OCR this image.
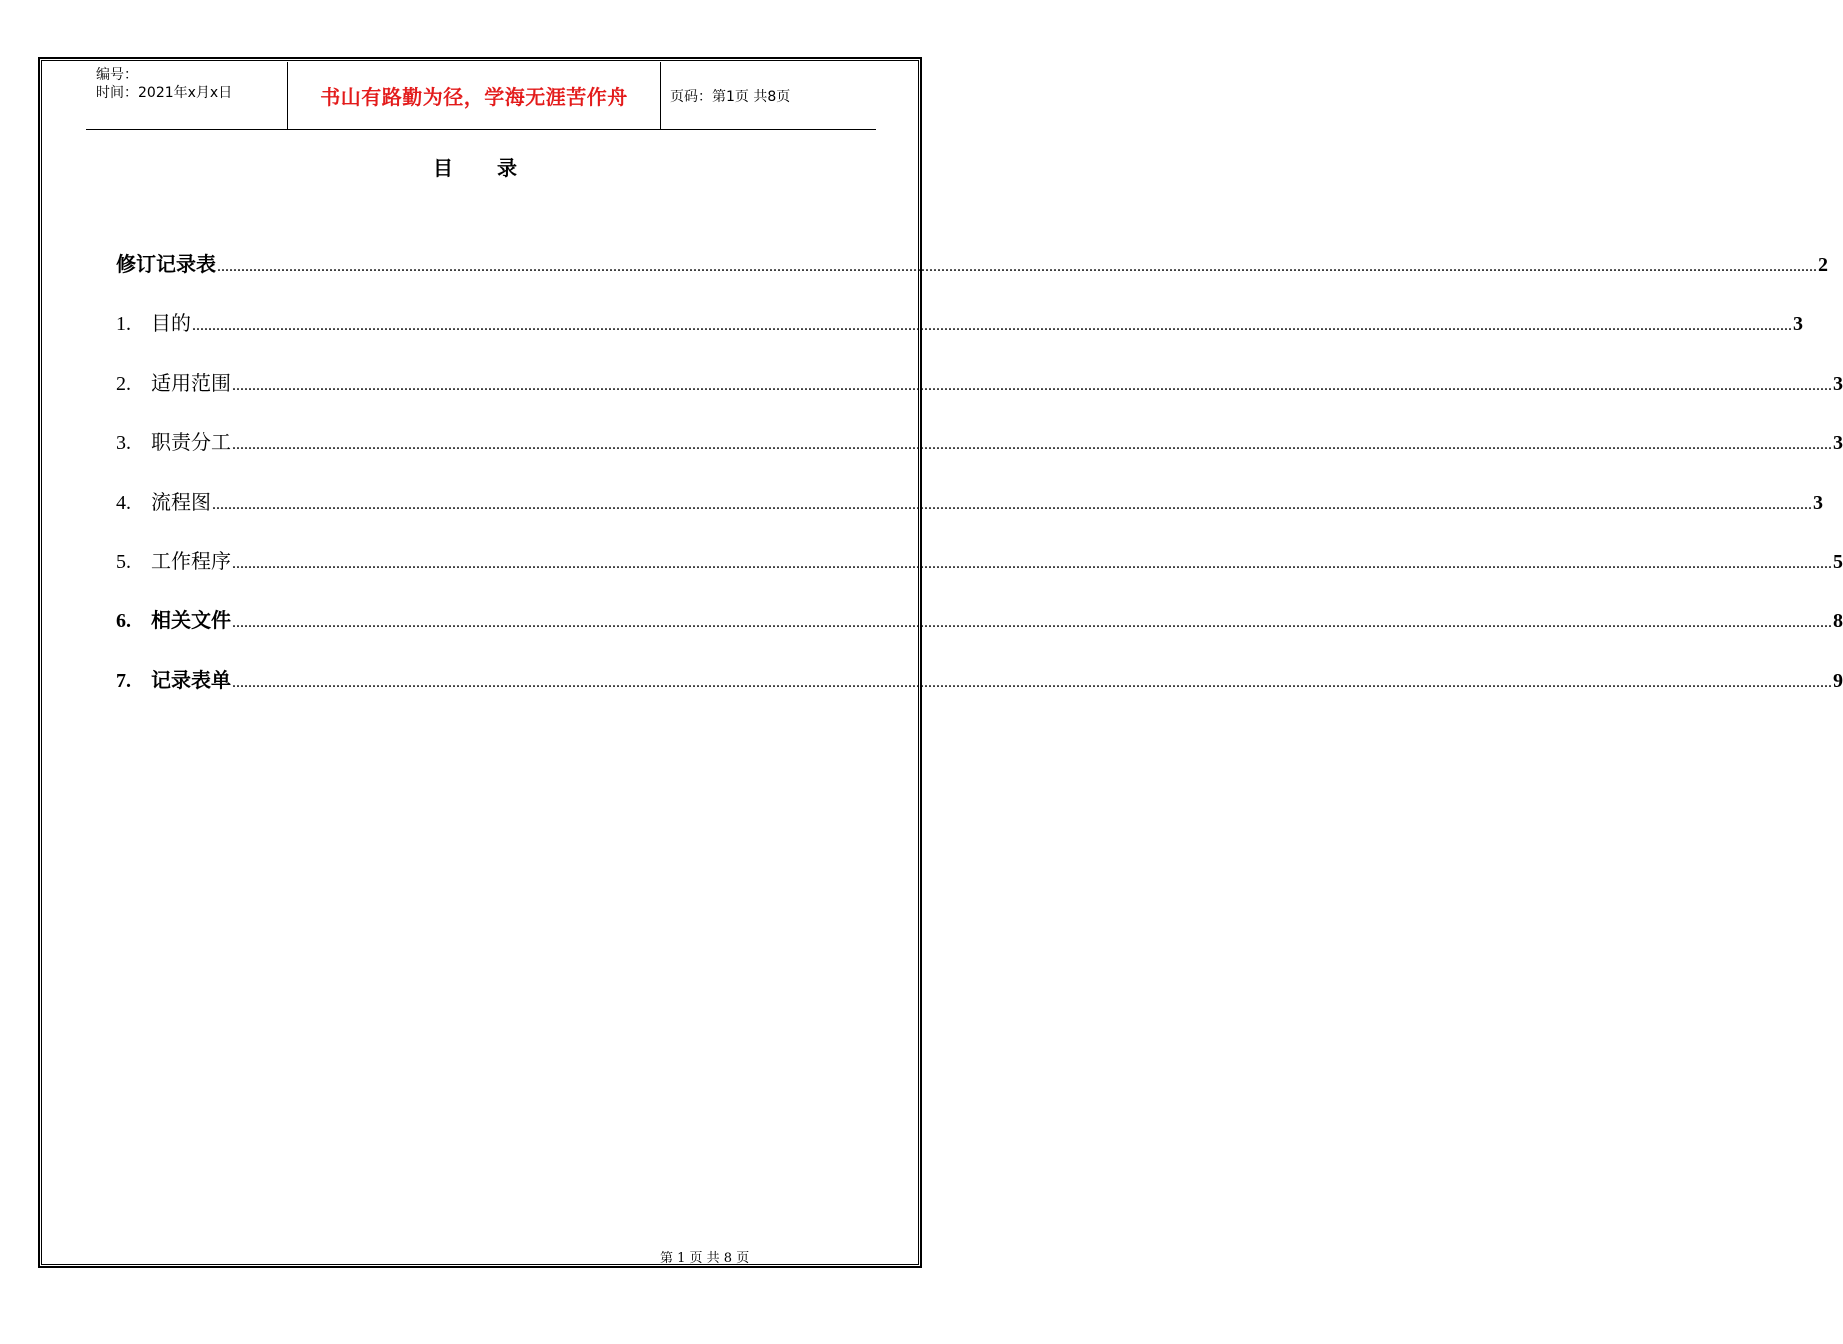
编号：
时间：2021年x月x日	书山有路勤为径，学海无涯苦作舟	页码：第1页 共8页
目录
修订记录表 ................................................................................................................................................................................................................................................................................................................................................................................................................ 2
1.	目的 ................................................................................................................................................................................................................................................................................................................................................................................................................ 3
2.	适用范围 ................................................................................................................................................................................................................................................................................................................................................................................................................ 3
3.	职责分工 ................................................................................................................................................................................................................................................................................................................................................................................................................ 3
4.	流程图 ................................................................................................................................................................................................................................................................................................................................................................................................................ 3
5.	工作程序 ................................................................................................................................................................................................................................................................................................................................................................................................................ 5
6.	相关文件 ................................................................................................................................................................................................................................................................................................................................................................................................................ 8
7.	记录表单 ................................................................................................................................................................................................................................................................................................................................................................................................................ 9
第 1 页 共 8 页
